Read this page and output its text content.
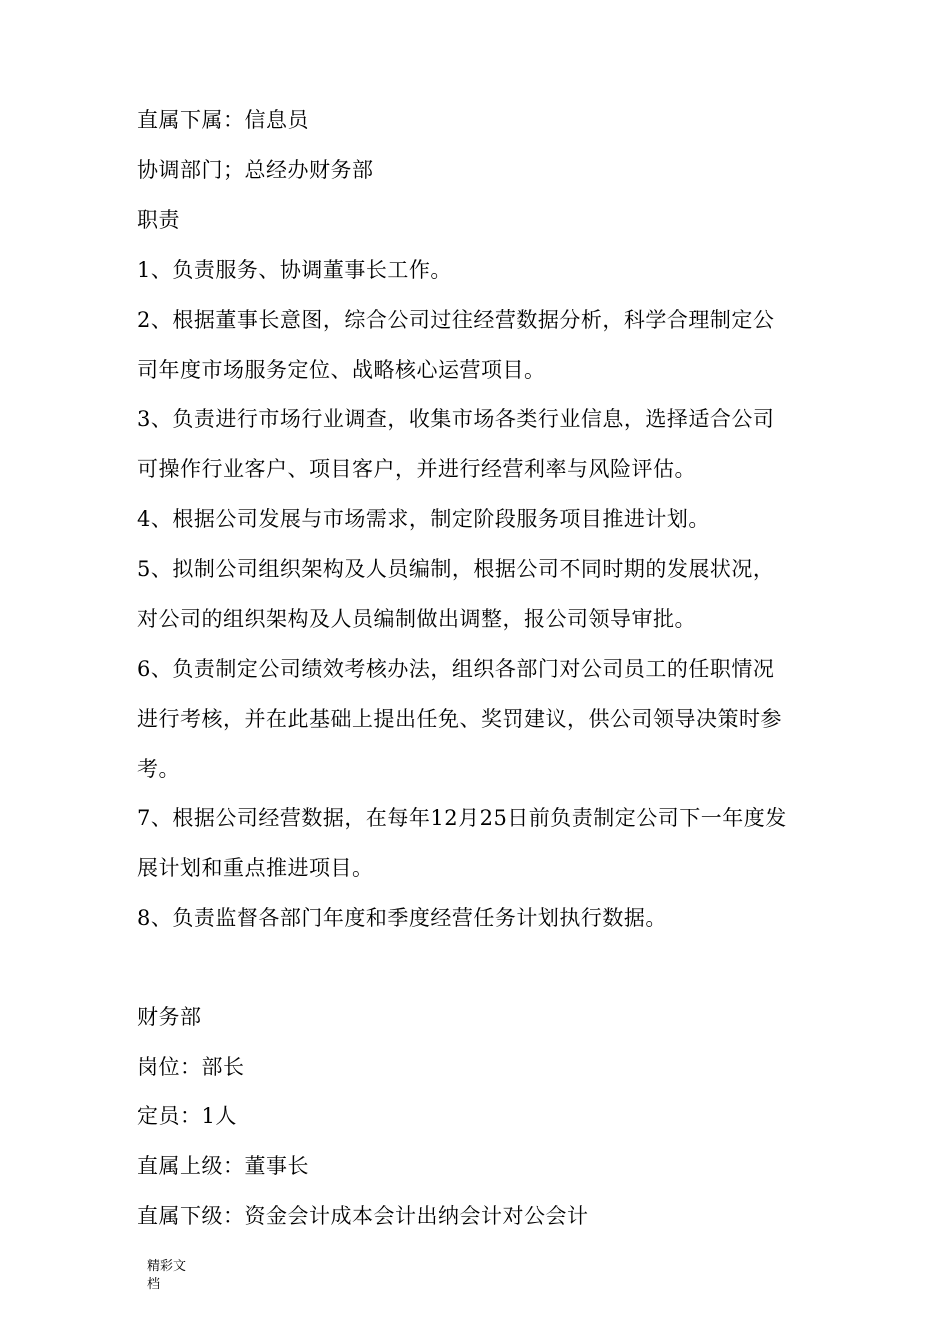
直属下属：信息员
协调部门；总经办财务部
职责
1、负责服务、协调董事长工作。
2、根据董事长意图，综合公司过往经营数据分析，科学合理制定公
司年度市场服务定位、战略核心运营项目。
3、负责进行市场行业调查，收集市场各类行业信息，选择适合公司
可操作行业客户、项目客户，并进行经营利率与风险评估。
4、根据公司发展与市场需求，制定阶段服务项目推进计划。
5、拟制公司组织架构及人员编制，根据公司不同时期的发展状况，
对公司的组织架构及人员编制做出调整，报公司领导审批。
6、负责制定公司绩效考核办法，组织各部门对公司员工的任职情况
进行考核，并在此基础上提出任免、奖罚建议，供公司领导决策时参
考。
7、根据公司经营数据，在每年12月25日前负责制定公司下一年度发
展计划和重点推进项目。
8、负责监督各部门年度和季度经营任务计划执行数据。
财务部
岗位：部长
定员：1人
直属上级：董事长
直属下级：资金会计成本会计出纳会计对公会计
精彩文
档
